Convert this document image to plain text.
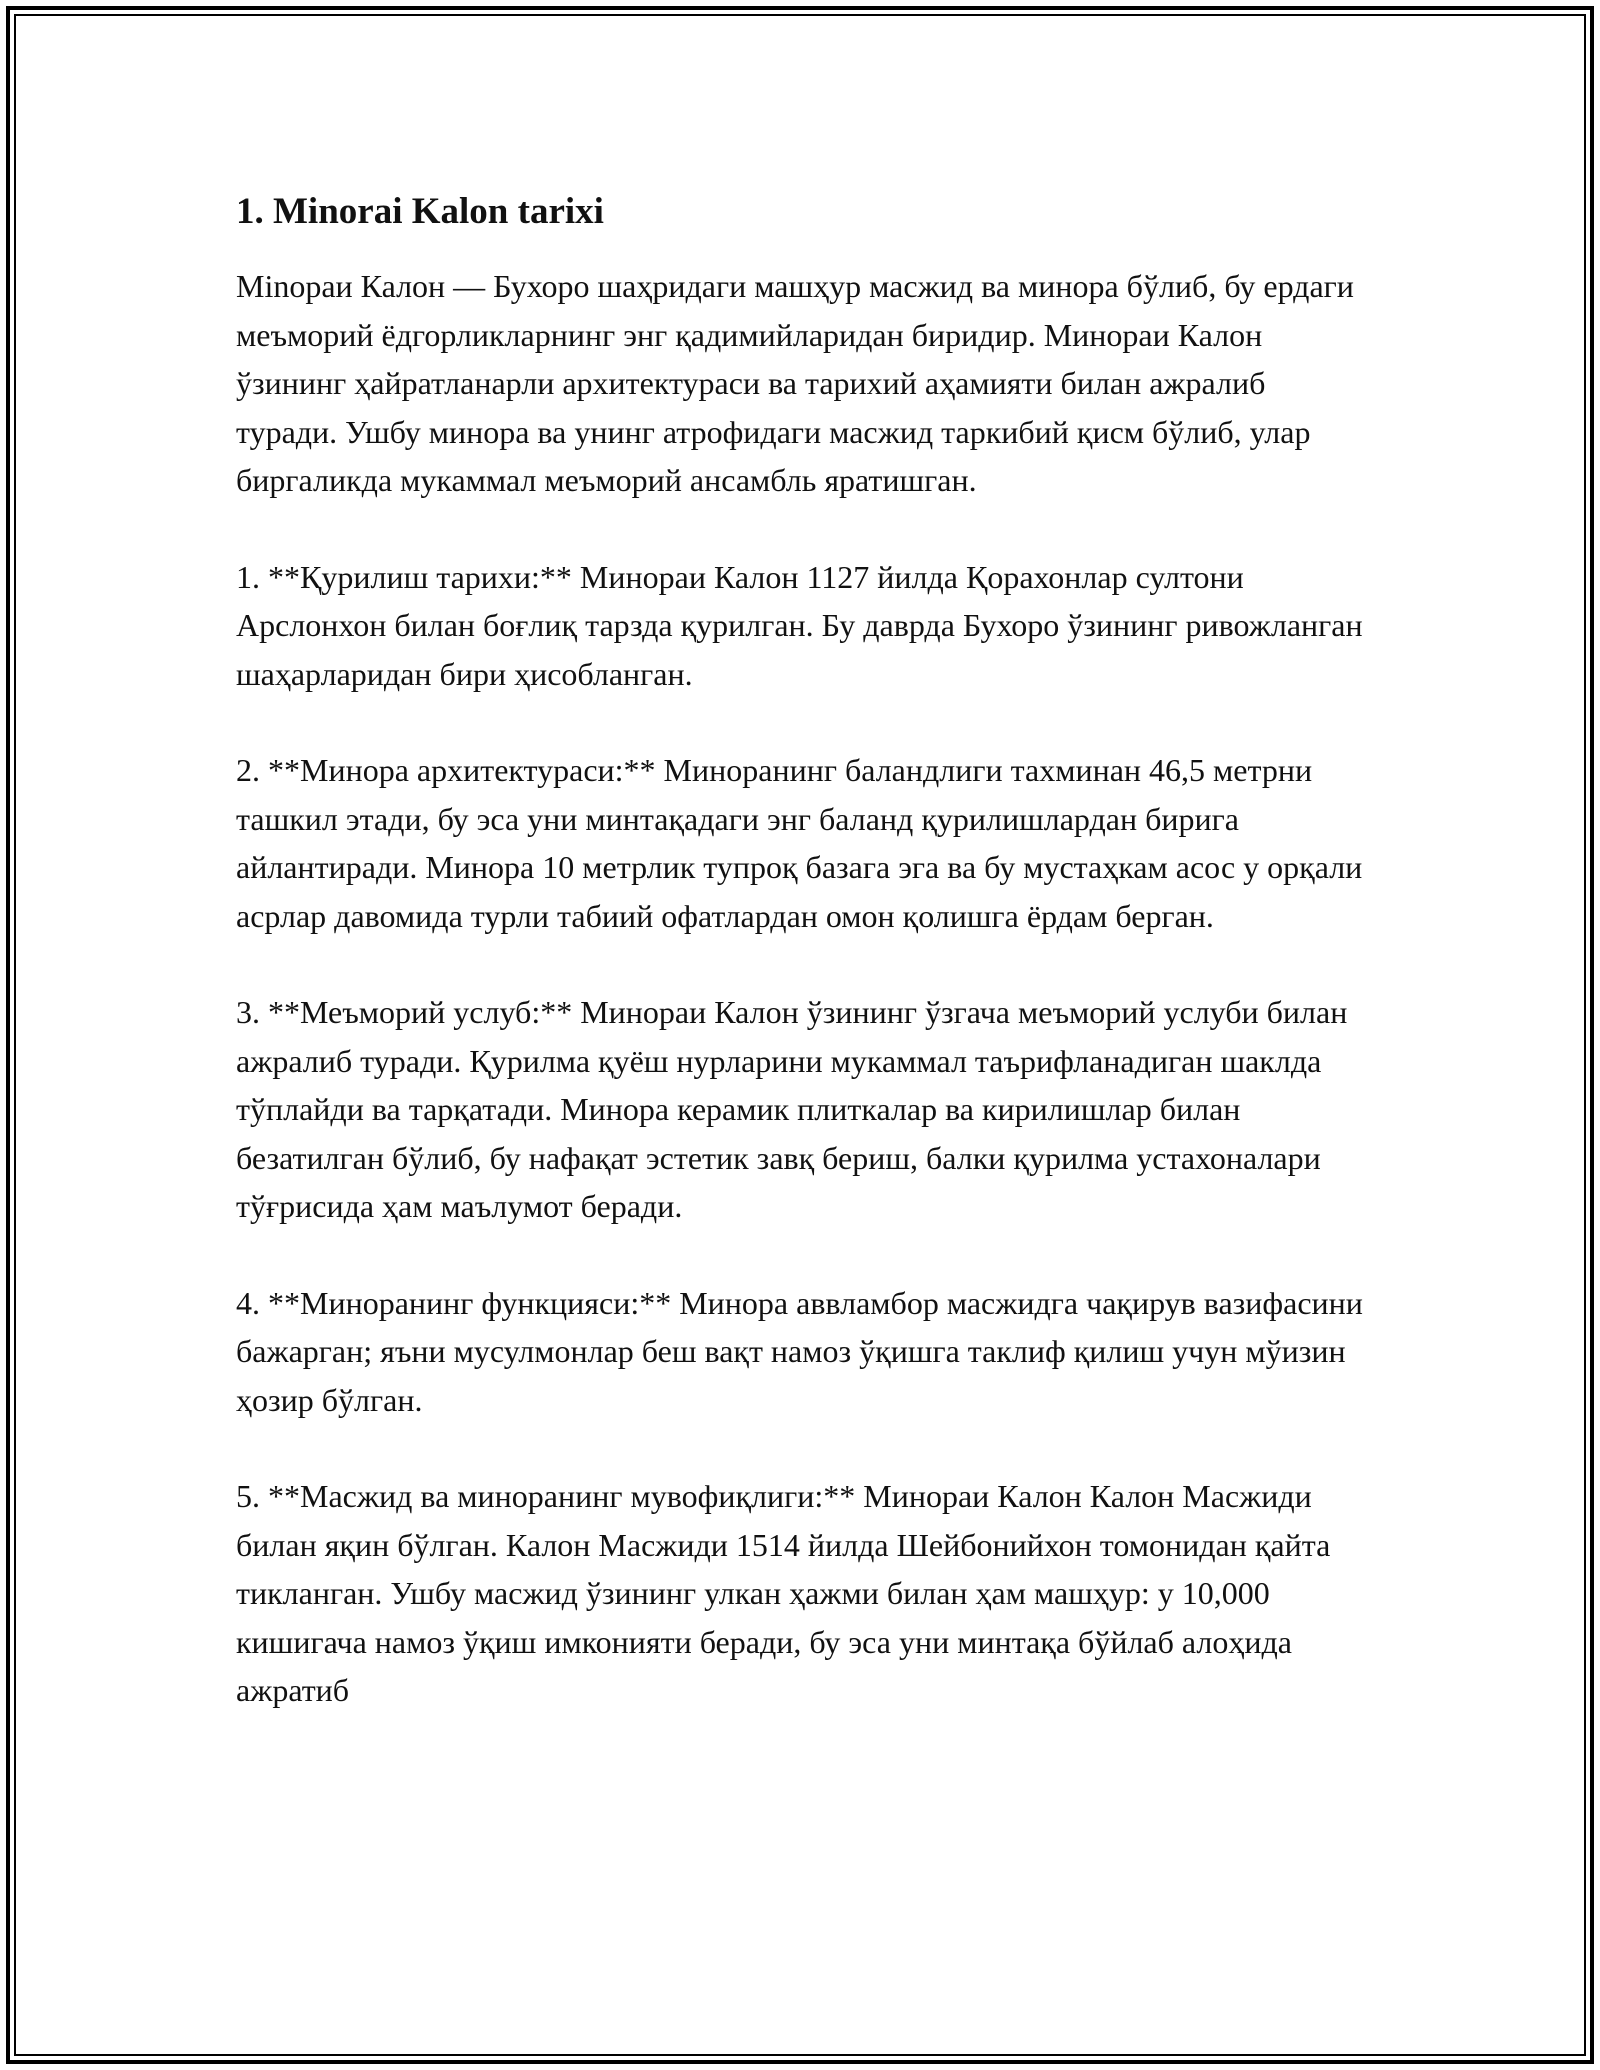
1. Minorai Kalon tarixi

Мinораи Калон — Бухоро шаҳридаги машҳур масжид ва минора бўлиб, бу ердаги меъморий ёдгорликларнинг энг қадимийларидан биридир. Минораи Калон ўзининг ҳайратланарли архитектураси ва тарихий аҳамияти билан ажралиб туради. Ушбу минора ва унинг атрофидаги масжид таркибий қисм бўлиб, улар биргаликда мукаммал меъморий ансамбль яратишган.

1. **Қурилиш тарихи:** Минораи Калон 1127 йилда Қорахонлар султони Арслонхон билан боғлиқ тарзда қурилган. Бу даврда Бухоро ўзининг ривожланган шаҳарларидан бири ҳисобланган.

2. **Минора архитектураси:** Миноранинг баландлиги тахминан 46,5 метрни ташкил этади, бу эса уни минтақадаги энг баланд қурилишлардан бирига айлантиради. Минора 10 метрлик тупроқ базага эга ва бу мустаҳкам асос у орқали асрлар давомида турли табиий офатлардан омон қолишга ёрдам берган.

3. **Меъморий услуб:** Минораи Калон ўзининг ўзгача меъморий услуби билан ажралиб туради. Қурилма қуёш нурларини мукаммал таърифланадиган шаклда тўплайди ва тарқатади. Минора керамик плиткалар ва кирилишлар билан безатилган бўлиб, бу нафақат эстетик завқ бериш, балки қурилма устахоналари тўғрисида ҳам маълумот беради.

4. **Миноранинг функцияси:** Минора аввламбор масжидга чақирув вазифасини бажарган; яъни мусулмонлар беш вақт намоз ўқишга таклиф қилиш учун мўизин ҳозир бўлган.

5. **Масжид ва миноранинг мувофиқлиги:** Минораи Калон Калон Масжиди билан яқин бўлган. Калон Масжиди 1514 йилда Шейбонийхон томонидан қайта тикланган. Ушбу масжид ўзининг улкан ҳажми билан ҳам машҳур: у 10,000 кишигача намоз ўқиш имконияти беради, бу эса уни минтақа бўйлаб алоҳида ажратиб
